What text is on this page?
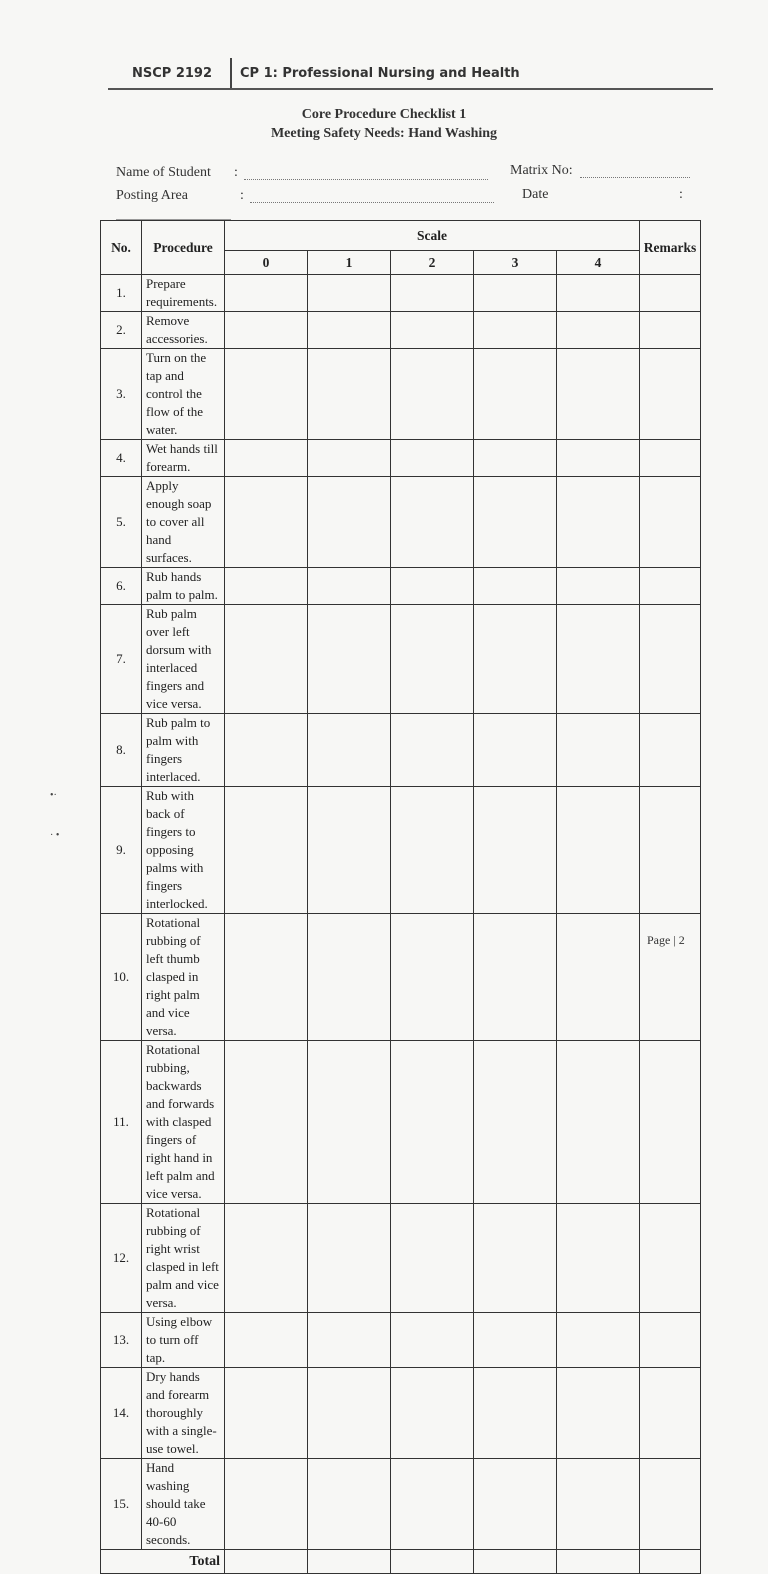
NSCP 2192 CP 1: Professional Nursing and Health
Core Procedure Checklist 1
Meeting Safety Needs: Hand Washing
Name of Student :	Matrix No:
Posting Area	:	Date	:
No.	Procedure	Scale					Remarks
		0	1	2	3	4	
1.	Prepare requirements.						
2.	Remove accessories.						
3.	Turn on the tap and control the flow of the water.						
4.	Wet hands till forearm.						
5.	Apply enough soap to cover all hand surfaces.						
6.	Rub hands palm to palm.						
7.	Rub palm over left dorsum with interlaced fingers and vice versa.						
8.	Rub palm to palm with fingers interlaced.						
9.	Rub with back of fingers to opposing palms with fingers interlocked.						
10.	Rotational rubbing of left thumb clasped in right palm and vice versa.						
11.	Rotational rubbing, backwards and forwards with clasped fingers of right hand in left palm and vice versa.						
12.	Rotational rubbing of right wrist clasped in left palm and vice versa.						
13.	Using elbow to turn off tap.						
14.	Dry hands and forearm thoroughly with a single-use towel.						
15.	Hand washing should take 40-60 seconds.						
Total							
•·
· •
Page | 2
